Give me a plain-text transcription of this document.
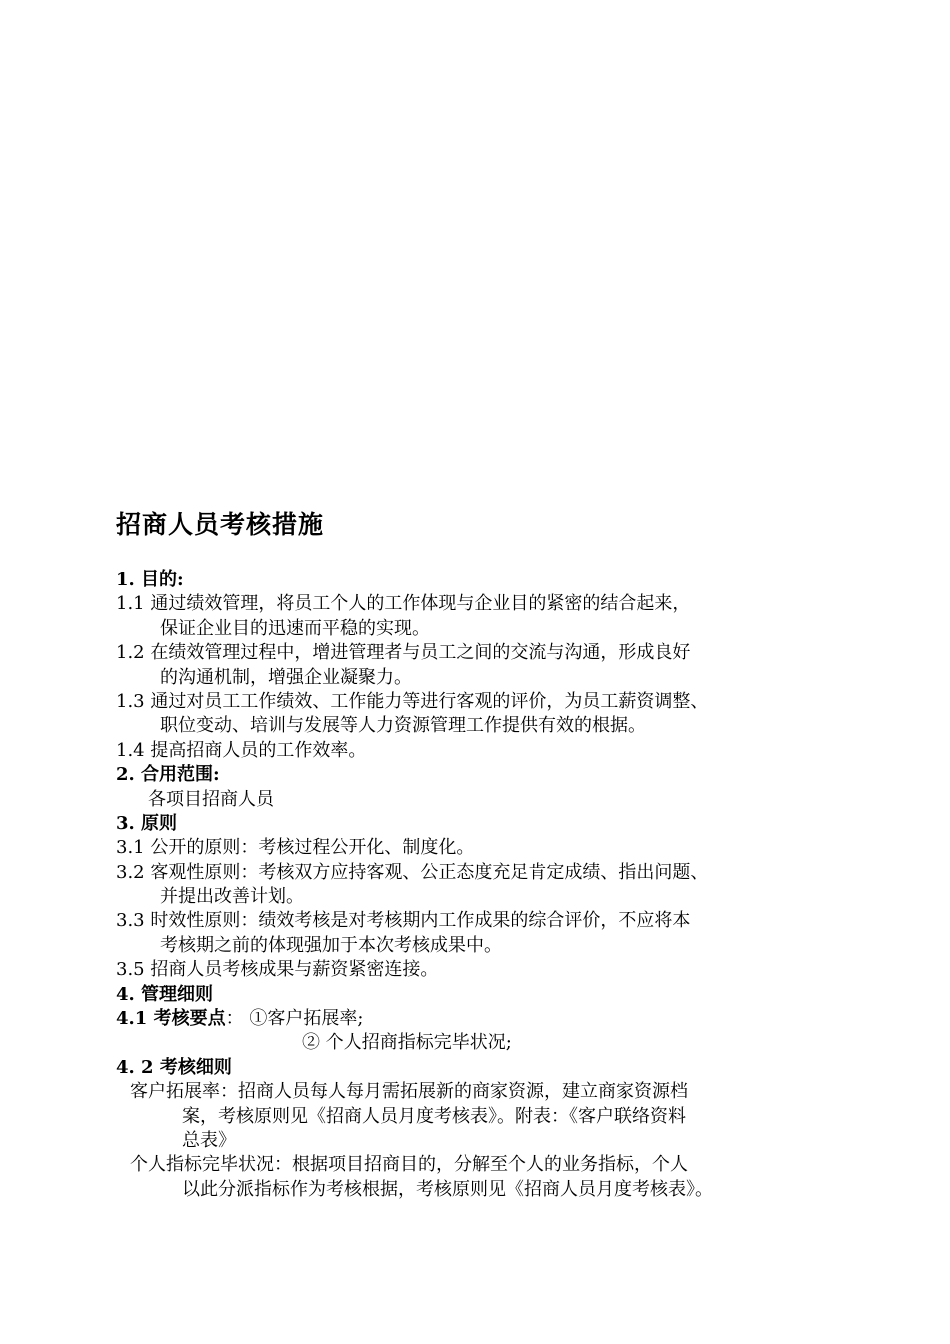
招商人员考核措施
1. 目的:
1.1 通过绩效管理，将员工个人的工作体现与企业目的紧密的结合起来，
保证企业目的迅速而平稳的实现。
1.2 在绩效管理过程中，增进管理者与员工之间的交流与沟通，形成良好
的沟通机制，增强企业凝聚力。
1.3 通过对员工工作绩效、工作能力等进行客观的评价，为员工薪资调整、
职位变动、培训与发展等人力资源管理工作提供有效的根据。
1.4 提高招商人员的工作效率。
2. 合用范围:
各项目招商人员
3. 原则
3.1 公开的原则：考核过程公开化、制度化。
3.2 客观性原则：考核双方应持客观、公正态度充足肯定成绩、指出问题、
并提出改善计划。
3.3 时效性原则：绩效考核是对考核期内工作成果的综合评价，不应将本
考核期之前的体现强加于本次考核成果中。
3.5 招商人员考核成果与薪资紧密连接。
4. 管理细则
4.1 考核要点： ①客户拓展率;
② 个人招商指标完毕状况;
4. 2 考核细则
客户拓展率：招商人员每人每月需拓展新的商家资源，建立商家资源档
案，考核原则见《招商人员月度考核表》。附表：《客户联络资料
总表》
个人指标完毕状况：根据项目招商目的，分解至个人的业务指标，个人
以此分派指标作为考核根据，考核原则见《招商人员月度考核表》。
